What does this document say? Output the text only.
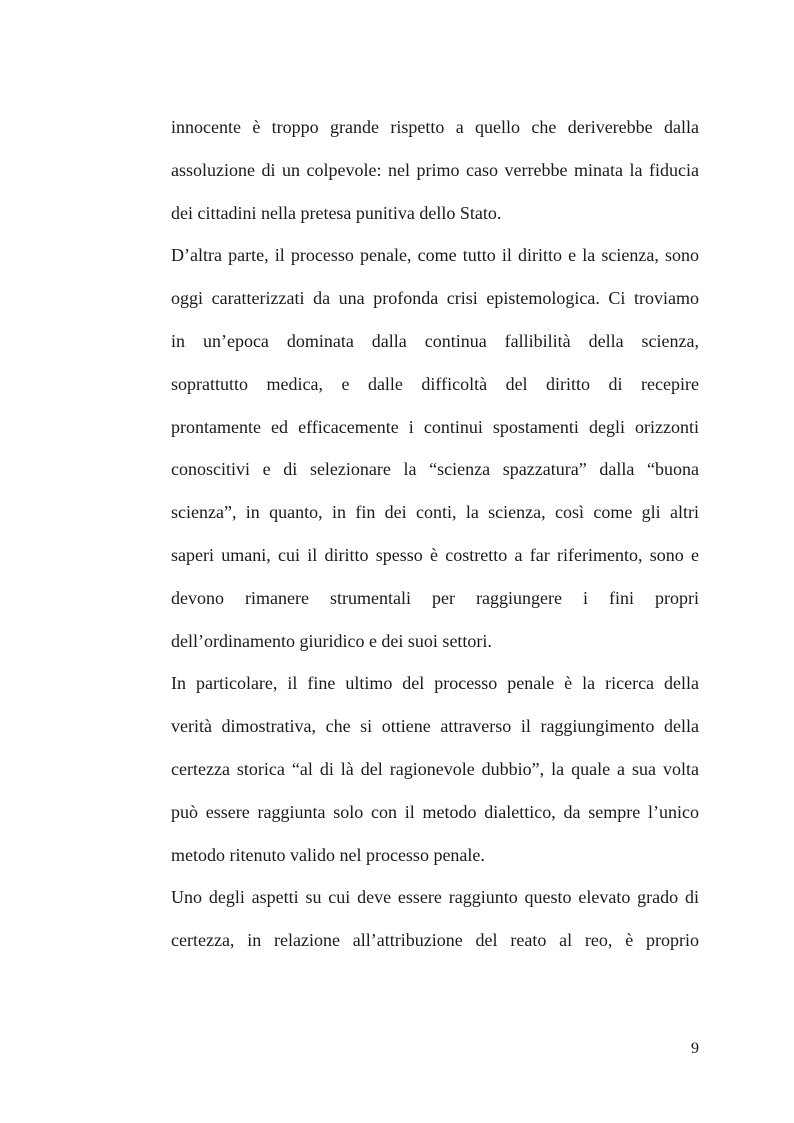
innocente è troppo grande rispetto a quello che deriverebbe dalla
assoluzione di un colpevole: nel primo caso verrebbe minata la fiducia
dei cittadini nella pretesa punitiva dello Stato.
D’altra parte, il processo penale, come tutto il diritto e la scienza, sono
oggi caratterizzati da una profonda crisi epistemologica. Ci troviamo
in un’epoca dominata dalla continua fallibilità della scienza,
soprattutto medica, e dalle difficoltà del diritto di recepire
prontamente ed efficacemente i continui spostamenti degli orizzonti
conoscitivi e di selezionare la “scienza spazzatura” dalla “buona
scienza”, in quanto, in fin dei conti, la scienza, così come gli altri
saperi umani, cui il diritto spesso è costretto a far riferimento, sono e
devono rimanere strumentali per raggiungere i fini propri
dell’ordinamento giuridico e dei suoi settori.
In particolare, il fine ultimo del processo penale è la ricerca della
verità dimostrativa, che si ottiene attraverso il raggiungimento della
certezza storica “al di là del ragionevole dubbio”, la quale a sua volta
può essere raggiunta solo con il metodo dialettico, da sempre l’unico
metodo ritenuto valido nel processo penale.
Uno degli aspetti su cui deve essere raggiunto questo elevato grado di
certezza, in relazione all’attribuzione del reato al reo, è proprio
9
